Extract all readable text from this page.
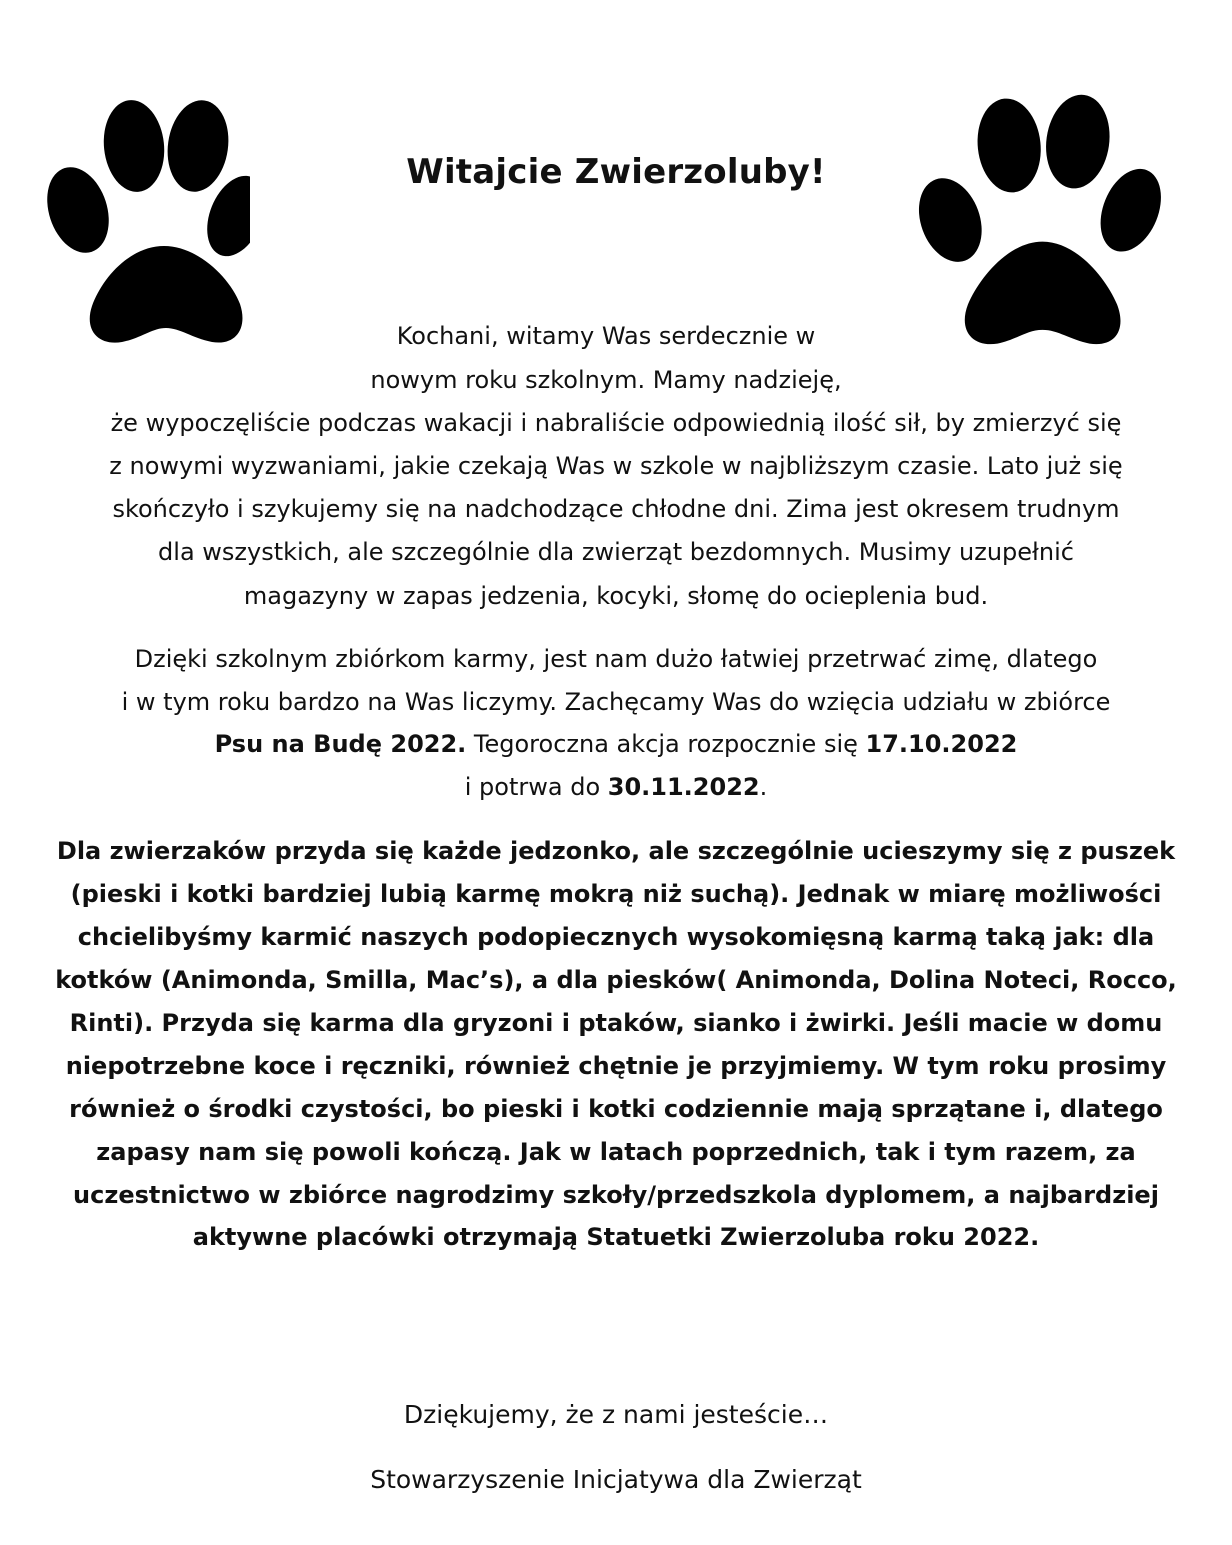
Witajcie Zwierzoluby!
Kochani, witamy Was serdecznie w
nowym roku szkolnym. Mamy nadzieję,
że wypoczęliście podczas wakacji i nabraliście odpowiednią ilość sił, by zmierzyć się
z nowymi wyzwaniami, jakie czekają Was w szkole w najbliższym czasie. Lato już się
skończyło i szykujemy się na nadchodzące chłodne dni. Zima jest okresem trudnym
dla wszystkich, ale szczególnie dla zwierząt bezdomnych. Musimy uzupełnić
magazyny w zapas jedzenia, kocyki, słomę do ocieplenia bud.
Dzięki szkolnym zbiórkom karmy, jest nam dużo łatwiej przetrwać zimę, dlatego
i w tym roku bardzo na Was liczymy. Zachęcamy Was do wzięcia udziału w zbiórce
Psu na Budę 2022. Tegoroczna akcja rozpocznie się 17.10.2022
i potrwa do 30.11.2022.
Dla zwierzaków przyda się każde jedzonko, ale szczególnie ucieszymy się z puszek
(pieski i kotki bardziej lubią karmę mokrą niż suchą). Jednak w miarę możliwości
chcielibyśmy karmić naszych podopiecznych wysokomięsną karmą taką jak: dla
kotków (Animonda, Smilla, Mac’s), a dla piesków( Animonda, Dolina Noteci, Rocco,
Rinti). Przyda się karma dla gryzoni i ptaków, sianko i żwirki. Jeśli macie w domu
niepotrzebne koce i ręczniki, również chętnie je przyjmiemy. W tym roku prosimy
również o środki czystości, bo pieski i kotki codziennie mają sprzątane i, dlatego
zapasy nam się powoli kończą. Jak w latach poprzednich, tak i tym razem, za
uczestnictwo w zbiórce nagrodzimy szkoły/przedszkola dyplomem, a najbardziej
aktywne placówki otrzymają Statuetki Zwierzoluba roku 2022.
Dziękujemy, że z nami jesteście…
Stowarzyszenie Inicjatywa dla Zwierząt
